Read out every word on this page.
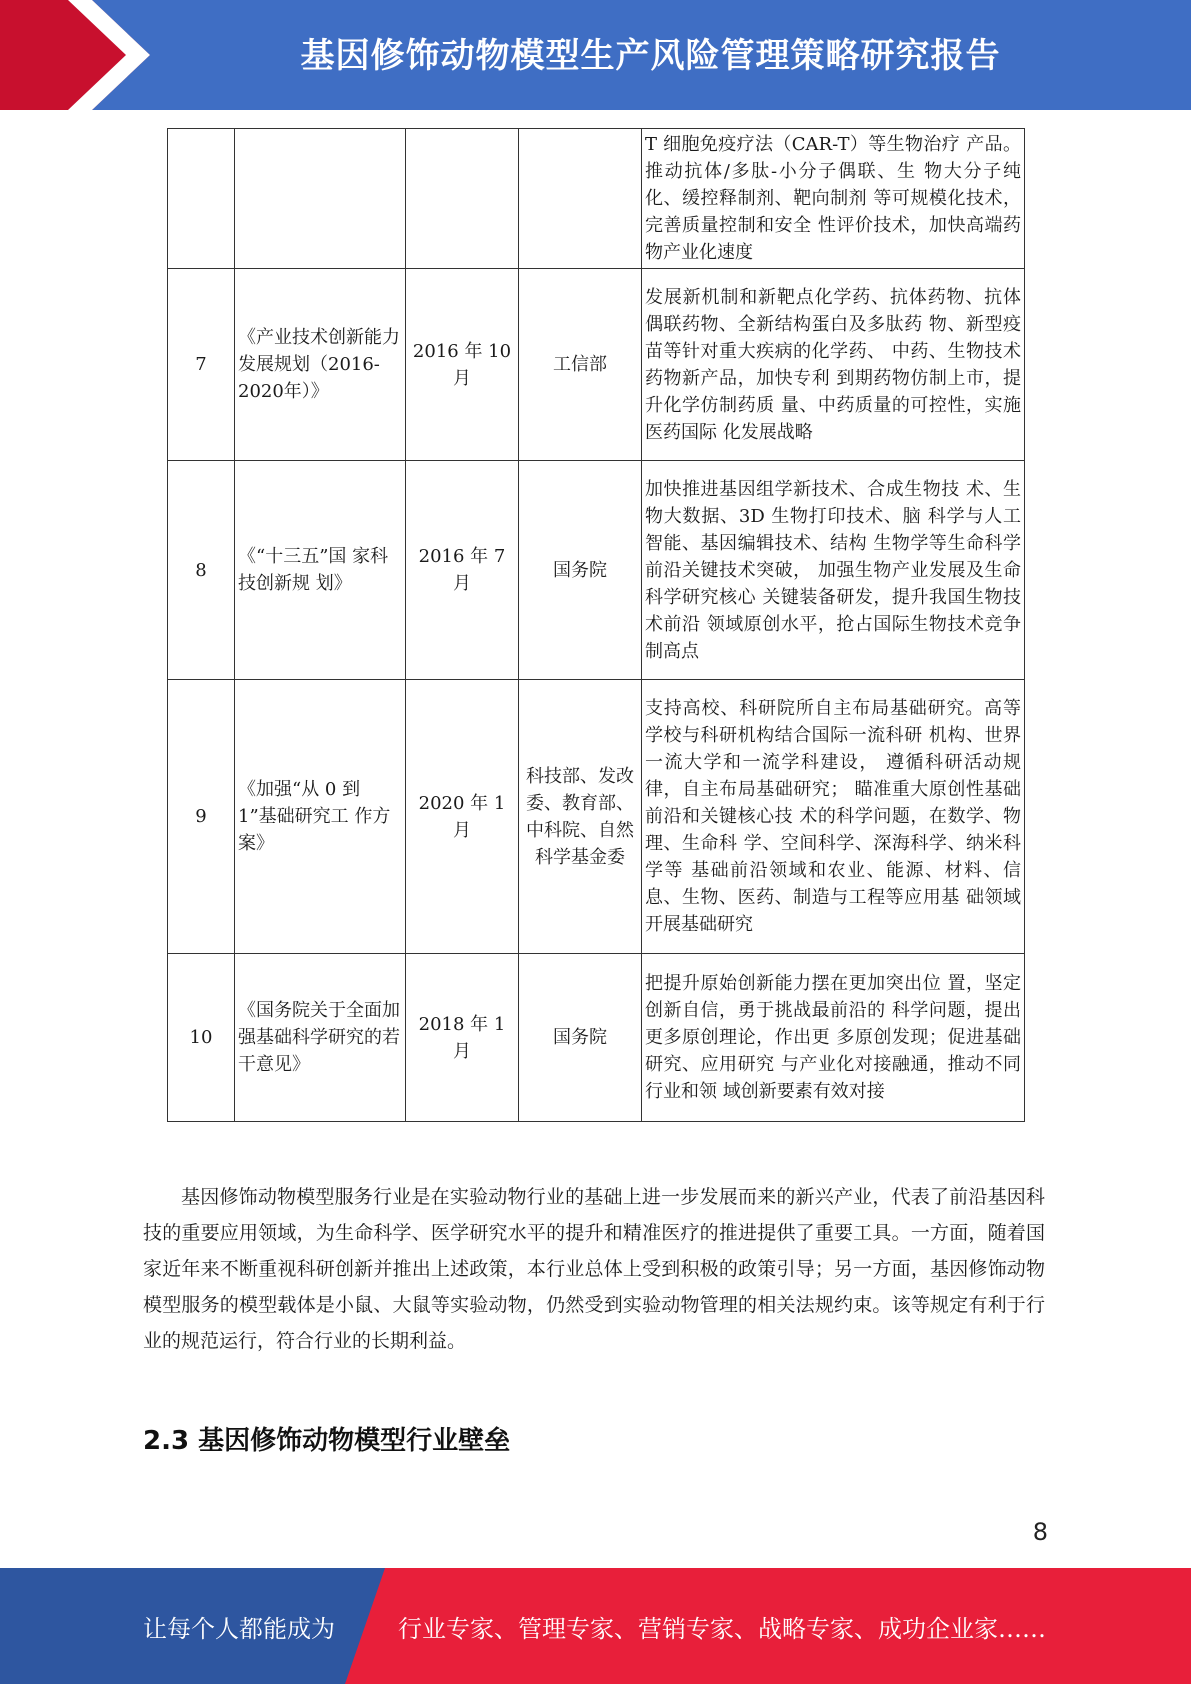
基因修饰动物模型生产风险管理策略研究报告
				T 细胞免疫疗法（CAR-T）等生物治疗 产品。推动抗体/多肽-小分子偶联、生 物大分子纯化、缓控释制剂、靶向制剂 等可规模化技术，完善质量控制和安全 性评价技术，加快高端药物产业化速度
7	《产业技术创新能力发展规划（2016-2020年）》	2016 年 10 月	工信部	发展新机制和新靶点化学药、抗体药物、抗体偶联药物、全新结构蛋白及多肽药 物、新型疫苗等针对重大疾病的化学药、 中药、生物技术药物新产品，加快专利 到期药物仿制上市，提升化学仿制药质 量、中药质量的可控性，实施医药国际 化发展战略
8	《“十三五”国 家科技创新规 划》	2016 年 7 月	国务院	加快推进基因组学新技术、合成生物技 术、生物大数据、3D 生物打印技术、脑 科学与人工智能、基因编辑技术、结构 生物学等生命科学前沿关键技术突破， 加强生物产业发展及生命科学研究核心 关键装备研发，提升我国生物技术前沿 领域原创水平，抢占国际生物技术竞争 制高点
9	《加强“从 0 到 1”基础研究工 作方案》	2020 年 1 月	科技部、发改委、教育部、中科院、自然科学基金委	支持高校、科研院所自主布局基础研究。高等学校与科研机构结合国际一流科研 机构、世界一流大学和一流学科建设， 遵循科研活动规律，自主布局基础研究； 瞄准重大原创性基础前沿和关键核心技 术的科学问题，在数学、物理、生命科 学、空间科学、深海科学、纳米科学等 基础前沿领域和农业、能源、材料、信 息、生物、医药、制造与工程等应用基 础领域开展基础研究
10	《国务院关于全面加强基础科学研究的若干意见》	2018 年 1 月	国务院	把提升原始创新能力摆在更加突出位 置，坚定创新自信，勇于挑战最前沿的 科学问题，提出更多原创理论，作出更 多原创发现；促进基础研究、应用研究 与产业化对接融通，推动不同行业和领 域创新要素有效对接

基因修饰动物模型服务行业是在实验动物行业的基础上进一步发展而来的新兴产业，代表了前沿基因科技的重要应用领域，为生命科学、医学研究水平的提升和精准医疗的推进提供了重要工具。一方面，随着国家近年来不断重视科研创新并推出上述政策，本行业总体上受到积极的政策引导；另一方面，基因修饰动物模型服务的模型载体是小鼠、大鼠等实验动物，仍然受到实验动物管理的相关法规约束。该等规定有利于行业的规范运行，符合行业的长期利益。

2.3 基因修饰动物模型行业壁垒
8
让每个人都能成为	行业专家、管理专家、营销专家、战略专家、成功企业家……
